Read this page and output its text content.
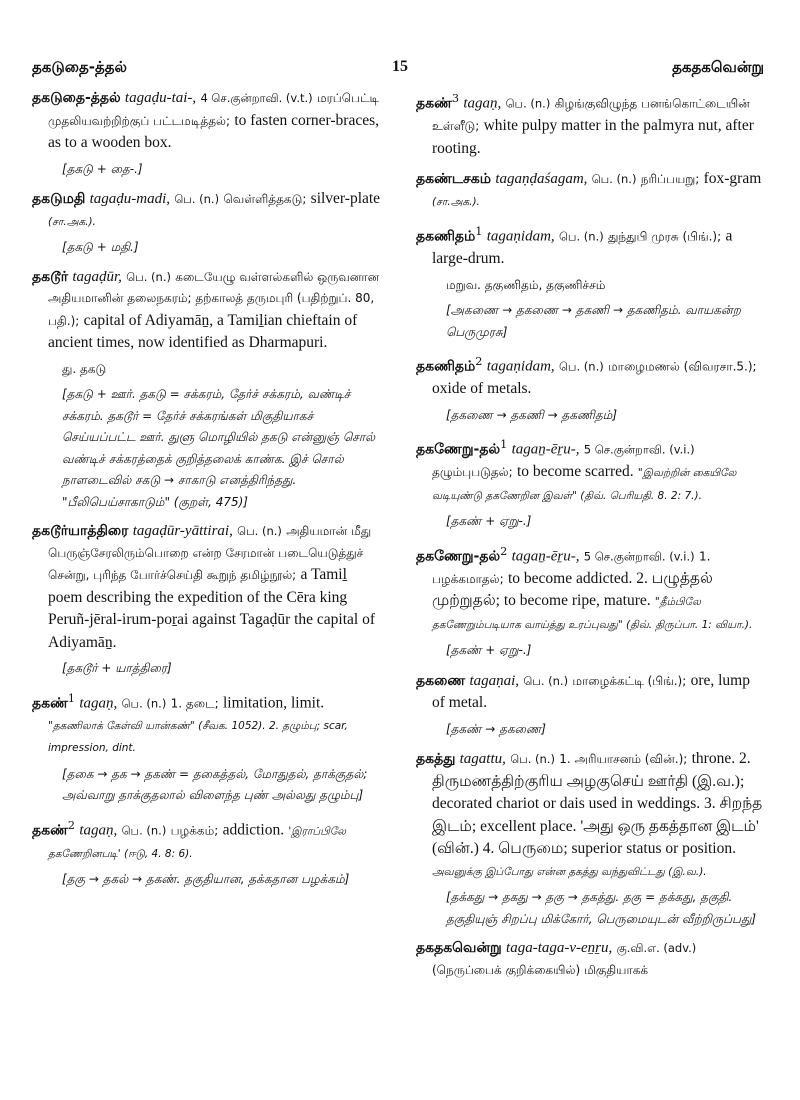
தகடுதை-த்தல்	15	தகதகவென்று
தகடுதை-த்தல் tagaḍu-tai-, 4 செ.குன்றாவி. (v.t.) மரப்பெட்டி முதலியவற்றிற்குப் பட்டமடித்தல்; to fasten corner-braces, as to a wooden box.
[தகடு + தை-.]
தகடுமதி tagaḍu-madi, பெ. (n.) வெள்ளித்தகடு; silver-plate (சா.அக.).
[தகடு + மதி.]
தகடூர் tagaḍūr, பெ. (n.) கடையேழு வள்ளல்களில் ஒருவனான அதியமானின் தலைநகரம்; தற்காலத் தருமபுரி (பதிற்றுப். 80, பதி.); capital of Adiyamāṉ, a Tamiḻian chieftain of ancient times, now identified as Dharmapuri.
து. தகடு
[தகடு + ஊர். தகடு = சக்கரம், தேர்ச் சக்கரம், வண்டிச் சக்கரம். தகடூர் = தேர்ச் சக்கரங்கள் மிகுதியாகச் செய்யப்பட்ட ஊர். துளு மொழியில் தகடு என்னுஞ் சொல் வண்டிச் சக்கரத்தைக் குறித்தலைக் காண்க. இச் சொல் நாளடைவில் சகடு → சாகாடு எனத்திரிந்தது. "பீலிபெய்சாகாடும்" (குறள், 475)]
தகடூர்யாத்திரை tagaḍūr-yāttirai, பெ. (n.) அதியமான் மீது பெருஞ்சேரலிரும்பொறை என்ற சேரமான் படையெடுத்துச் சென்று, புரிந்த போர்ச்செய்தி கூறுந் தமிழ்நூல்; a Tamiḻ poem describing the expedition of the Cēra king Peruñ-jēral-irum-poṟai against Tagaḍūr the capital of Adiyamāṉ.
[தகடூர் + யாத்திரை]
தகண்$^1$ tagaṇ, பெ. (n.) 1. தடை; limitation, limit. "தகணிலாக் கேள்வி யான்கண்" (சீவக. 1052). 2. தழும்பு; scar, impression, dint.
[தகை → தக → தகண் = தகைத்தல், மோதுதல், தாக்குதல்; அவ்வாறு தாக்குதலால் விளைந்த புண் அல்லது தழும்பு]
தகண்$^2$ tagaṇ, பெ. (n.) பழக்கம்; addiction. 'இராப்பிலே தகணேறினபடி' (ஈடு, 4. 8: 6).
[தகு → தகல் → தகண். தகுதியான, தக்கதான பழக்கம்]
தகண்$^3$ tagaṇ, பெ. (n.) கிழங்குவிழுந்த பனங்கொட்டையின் உள்ளீடு; white pulpy matter in the palmyra nut, after rooting.
தகண்டசகம் tagaṇḍaśagam, பெ. (n.) நரிப்பயறு; fox-gram (சா.அக.).
தகணிதம்$^1$ tagaṇidam, பெ. (n.) துந்துபி முரசு (பிங்.); a large-drum.
மறுவ. தகுணிதம், தகுணிச்சம்
[அகணை → தகணை → தகணி → தகணிதம். வாயகன்ற பெருமுரசு]
தகணிதம்$^2$ tagaṇidam, பெ. (n.) மாழைமணல் (விவரசா.5.); oxide of metals.
[தகணை → தகணி → தகணிதம்]
தகணேறு-தல்$^1$ tagaṉ-ēṟu-, 5 செ.குன்றாவி. (v.i.) தழும்புபடுதல்; to become scarred. "இவற்றின் கையிலே வடியுண்டு தகணேறின இவள்" (திவ். பெரியதி. 8. 2: 7.).
[தகண் + ஏறு-.]
தகணேறு-தல்$^2$ tagaṉ-ēṟu-, 5 செ.குன்றாவி. (v.i.) 1. பழக்கமாதல்; to become addicted. 2. பழுத்தல் முற்றுதல்; to become ripe, mature. "தீம்பிலே தகணேறும்படியாக வாய்த்து உரப்புவது" (திவ். திருப்பா. 1: வியா.).
[தகண் + ஏறு-.]
தகணை tagaṇai, பெ. (n.) மாழைக்கட்டி (பிங்.); ore, lump of metal.
[தகண் → தகணை]
தகத்து tagattu, பெ. (n.) 1. அரியாசனம் (வின்.); throne. 2. திருமணத்திற்குரிய அழகுசெய் ஊர்தி (இ.வ.); decorated chariot or dais used in weddings. 3. சிறந்த இடம்; excellent place. 'அது ஒரு தகத்தான இடம்' (வின்.) 4. பெருமை; superior status or position. அவனுக்கு இப்போது என்ன தகத்து வந்துவிட்டது (இ.வ.).
[தக்கது → தகது → தகு → தகத்து. தகு = தக்கது, தகுதி. தகுதியுஞ் சிறப்பு மிக்கோர், பெருமையுடன் வீற்றிருப்பது]
தகதகவென்று taga-taga-v-eṉṟu, கு.வி.எ. (adv.) (நெருப்பைக் குறிக்கையில்) மிகுதியாகக்
